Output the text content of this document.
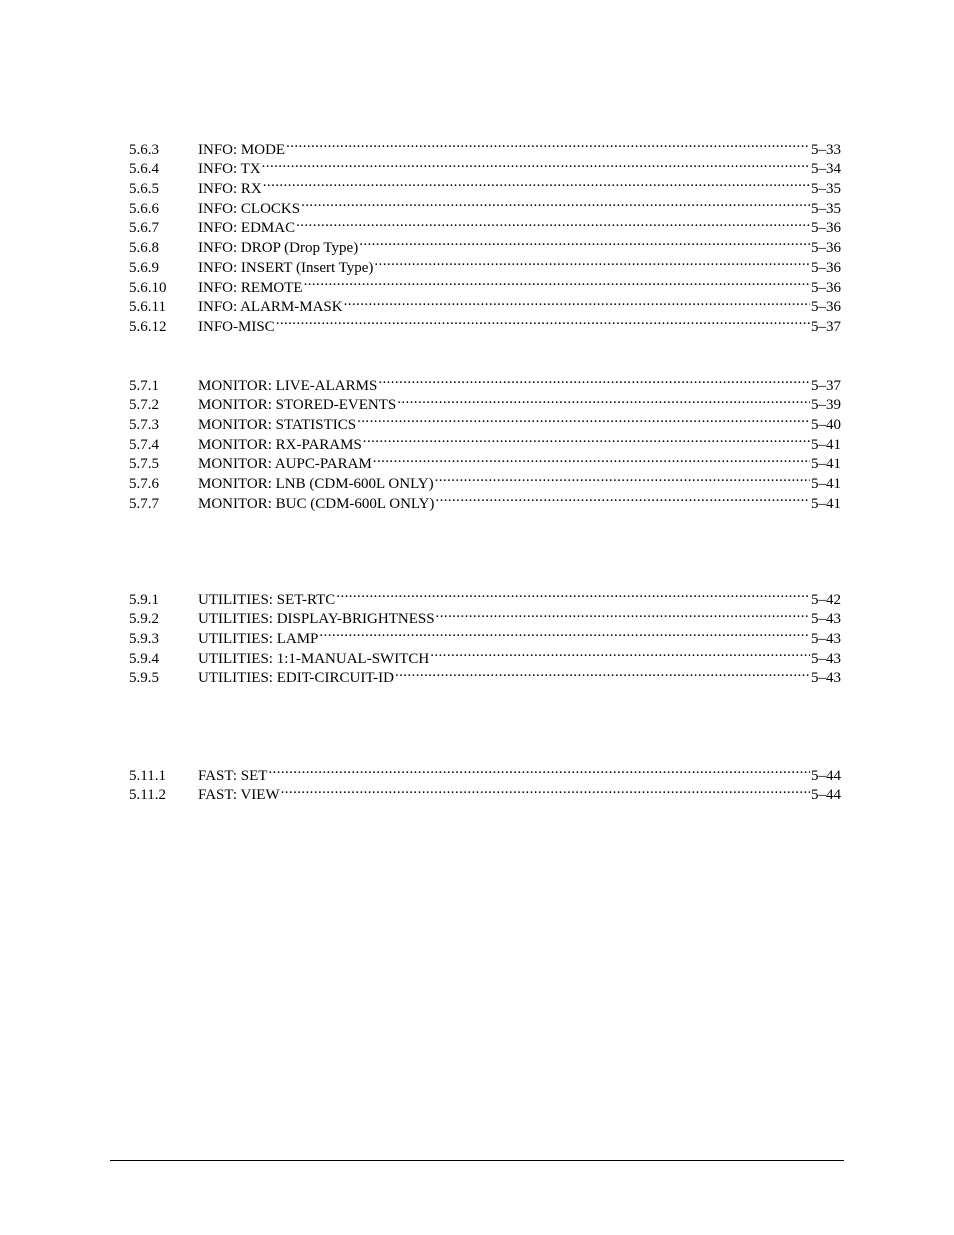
5.6.3	INFO: MODE .....	5–33
5.6.4	INFO: TX .....	5–34
5.6.5	INFO: RX .....	5–35
5.6.6	INFO: CLOCKS .....	5–35
5.6.7	INFO: EDMAC .....	5–36
5.6.8	INFO: DROP (Drop Type) .....	5–36
5.6.9	INFO: INSERT (Insert Type) .....	5–36
5.6.10	INFO: REMOTE .....	5–36
5.6.11	INFO: ALARM-MASK .....	5–36
5.6.12	INFO-MISC .....	5–37
5.7.1	MONITOR: LIVE-ALARMS .....	5–37
5.7.2	MONITOR: STORED-EVENTS .....	5–39
5.7.3	MONITOR: STATISTICS .....	5–40
5.7.4	MONITOR: RX-PARAMS .....	5–41
5.7.5	MONITOR: AUPC-PARAM .....	5–41
5.7.6	MONITOR: LNB (CDM-600L ONLY) .....	5–41
5.7.7	MONITOR: BUC (CDM-600L ONLY) .....	5–41
5.9.1	UTILITIES: SET-RTC .....	5–42
5.9.2	UTILITIES: DISPLAY-BRIGHTNESS .....	5–43
5.9.3	UTILITIES: LAMP .....	5–43
5.9.4	UTILITIES: 1:1-MANUAL-SWITCH .....	5–43
5.9.5	UTILITIES: EDIT-CIRCUIT-ID .....	5–43
5.11.1	FAST: SET .....	5–44
5.11.2	FAST: VIEW .....	5–44
